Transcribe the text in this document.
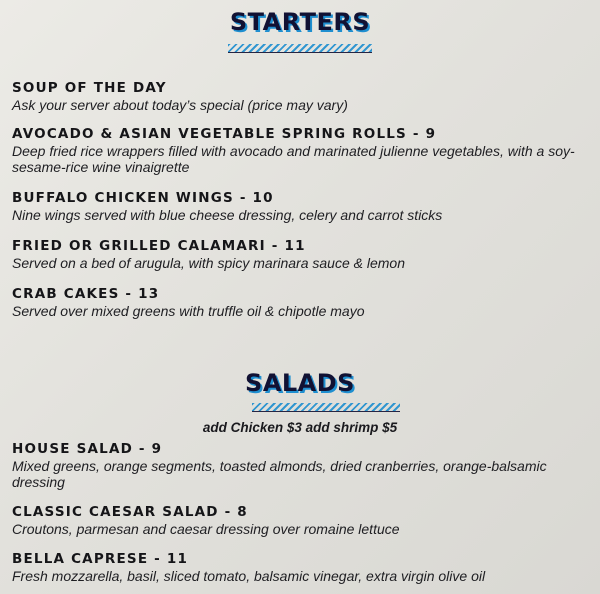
STARTERS
SOUP OF THE DAY
Ask your server about today’s special (price may vary)
AVOCADO & ASIAN VEGETABLE SPRING ROLLS - 9
Deep fried rice wrappers filled with avocado and marinated julienne vegetables, with a soy-sesame-rice wine vinaigrette
BUFFALO CHICKEN WINGS - 10
Nine wings served with blue cheese dressing, celery and carrot sticks
FRIED OR GRILLED CALAMARI - 11
Served on a bed of arugula, with spicy marinara sauce & lemon
CRAB CAKES - 13
Served over mixed greens with truffle oil & chipotle mayo
SALADS
add Chicken $3 add shrimp $5
HOUSE SALAD - 9
Mixed greens, orange segments, toasted almonds, dried cranberries, orange-balsamic dressing
CLASSIC CAESAR SALAD - 8
Croutons, parmesan and caesar dressing over romaine lettuce
BELLA CAPRESE - 11
Fresh mozzarella, basil, sliced tomato, balsamic vinegar, extra virgin olive oil
